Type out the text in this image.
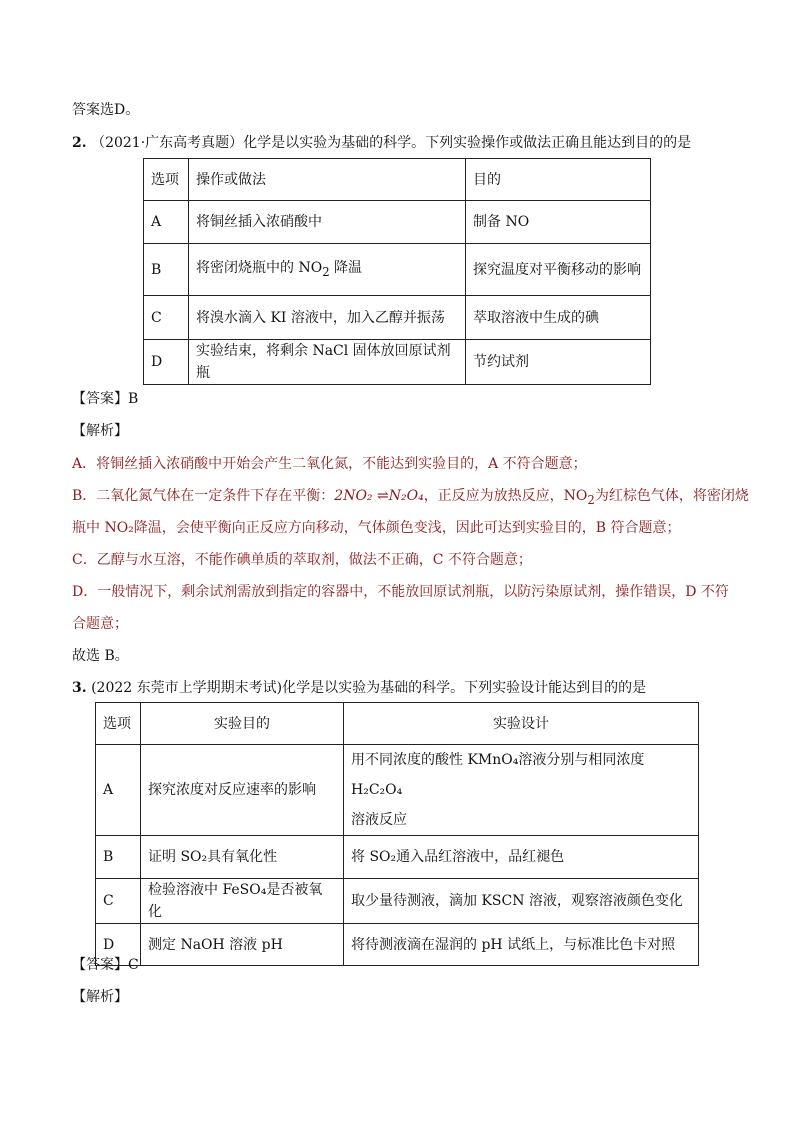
答案选D。
2. （2021·广东高考真题）化学是以实验为基础的科学。下列实验操作或做法正确且能达到目的的是
选项	操作或做法	目的
A	将铜丝插入浓硝酸中	制备 NO
B	将密闭烧瓶中的 $NO_2$ 降温	探究温度对平衡移动的影响
C	将溴水滴入 KI 溶液中，加入乙醇并振荡	萃取溶液中生成的碘
D	实验结束，将剩余 NaCl 固体放回原试剂瓶	节约试剂
【答案】B
【解析】
A．将铜丝插入浓硝酸中开始会产生二氧化氮，不能达到实验目的，A 不符合题意；
B．二氧化氮气体在一定条件下存在平衡：2NO₂ ⇌N₂O₄，正反应为放热反应，$NO_2$为红棕色气体，将密闭烧
瓶中 NO₂降温，会使平衡向正反应方向移动，气体颜色变浅，因此可达到实验目的，B 符合题意；
C．乙醇与水互溶，不能作碘单质的萃取剂，做法不正确，C 不符合题意；
D．一般情况下，剩余试剂需放到指定的容器中，不能放回原试剂瓶，以防污染原试剂，操作错误，D 不符
合题意；
故选 B。
3. (2022 东莞市上学期期末考试)化学是以实验为基础的科学。下列实验设计能达到目的的是
选项	实验目的	实验设计
A	探究浓度对反应速率的影响	用不同浓度的酸性 KMnO₄溶液分别与相同浓度 H₂C₂O₄
溶液反应

B	证明 SO₂具有氧化性	将 SO₂通入品红溶液中，品红褪色
C	检验溶液中 FeSO₄是否被氧化	取少量待测液，滴加 KSCN 溶液，观察溶液颜色变化
D	测定 NaOH 溶液 pH	将待测液滴在湿润的 pH 试纸上，与标准比色卡对照
【答案】C
【解析】
